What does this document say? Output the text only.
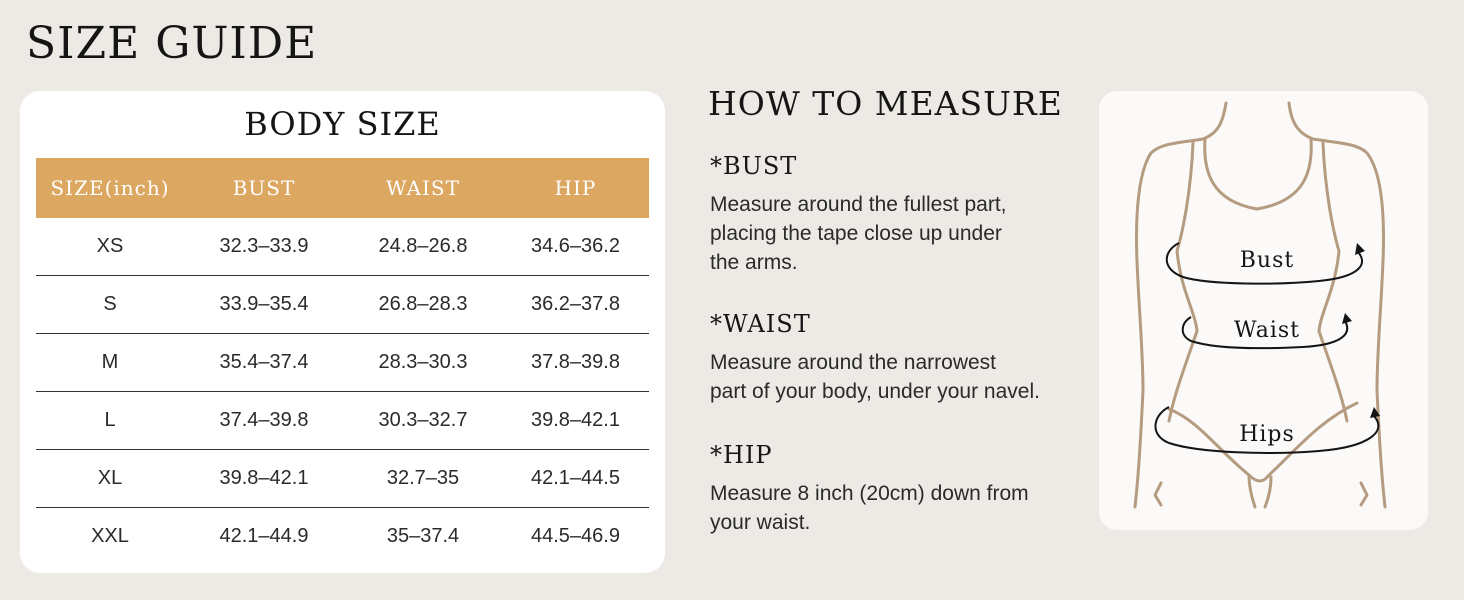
SIZE GUIDE
BODY SIZE
SIZE(inch)	BUST	WAIST	HIP
XS	32.3–33.9	24.8–26.8	34.6–36.2
S	33.9–35.4	26.8–28.3	36.2–37.8
M	35.4–37.4	28.3–30.3	37.8–39.8
L	37.4–39.8	30.3–32.7	39.8–42.1
XL	39.8–42.1	32.7–35	42.1–44.5
XXL	42.1–44.9	35–37.4	44.5–46.9
HOW TO MEASURE
*BUST
Measure around the fullest part,
placing the tape close up under
the arms.
*WAIST
Measure around the narrowest
part of your body, under your navel.
*HIP
Measure 8 inch (20cm) down from
your waist.
Bust
Waist
Hips
